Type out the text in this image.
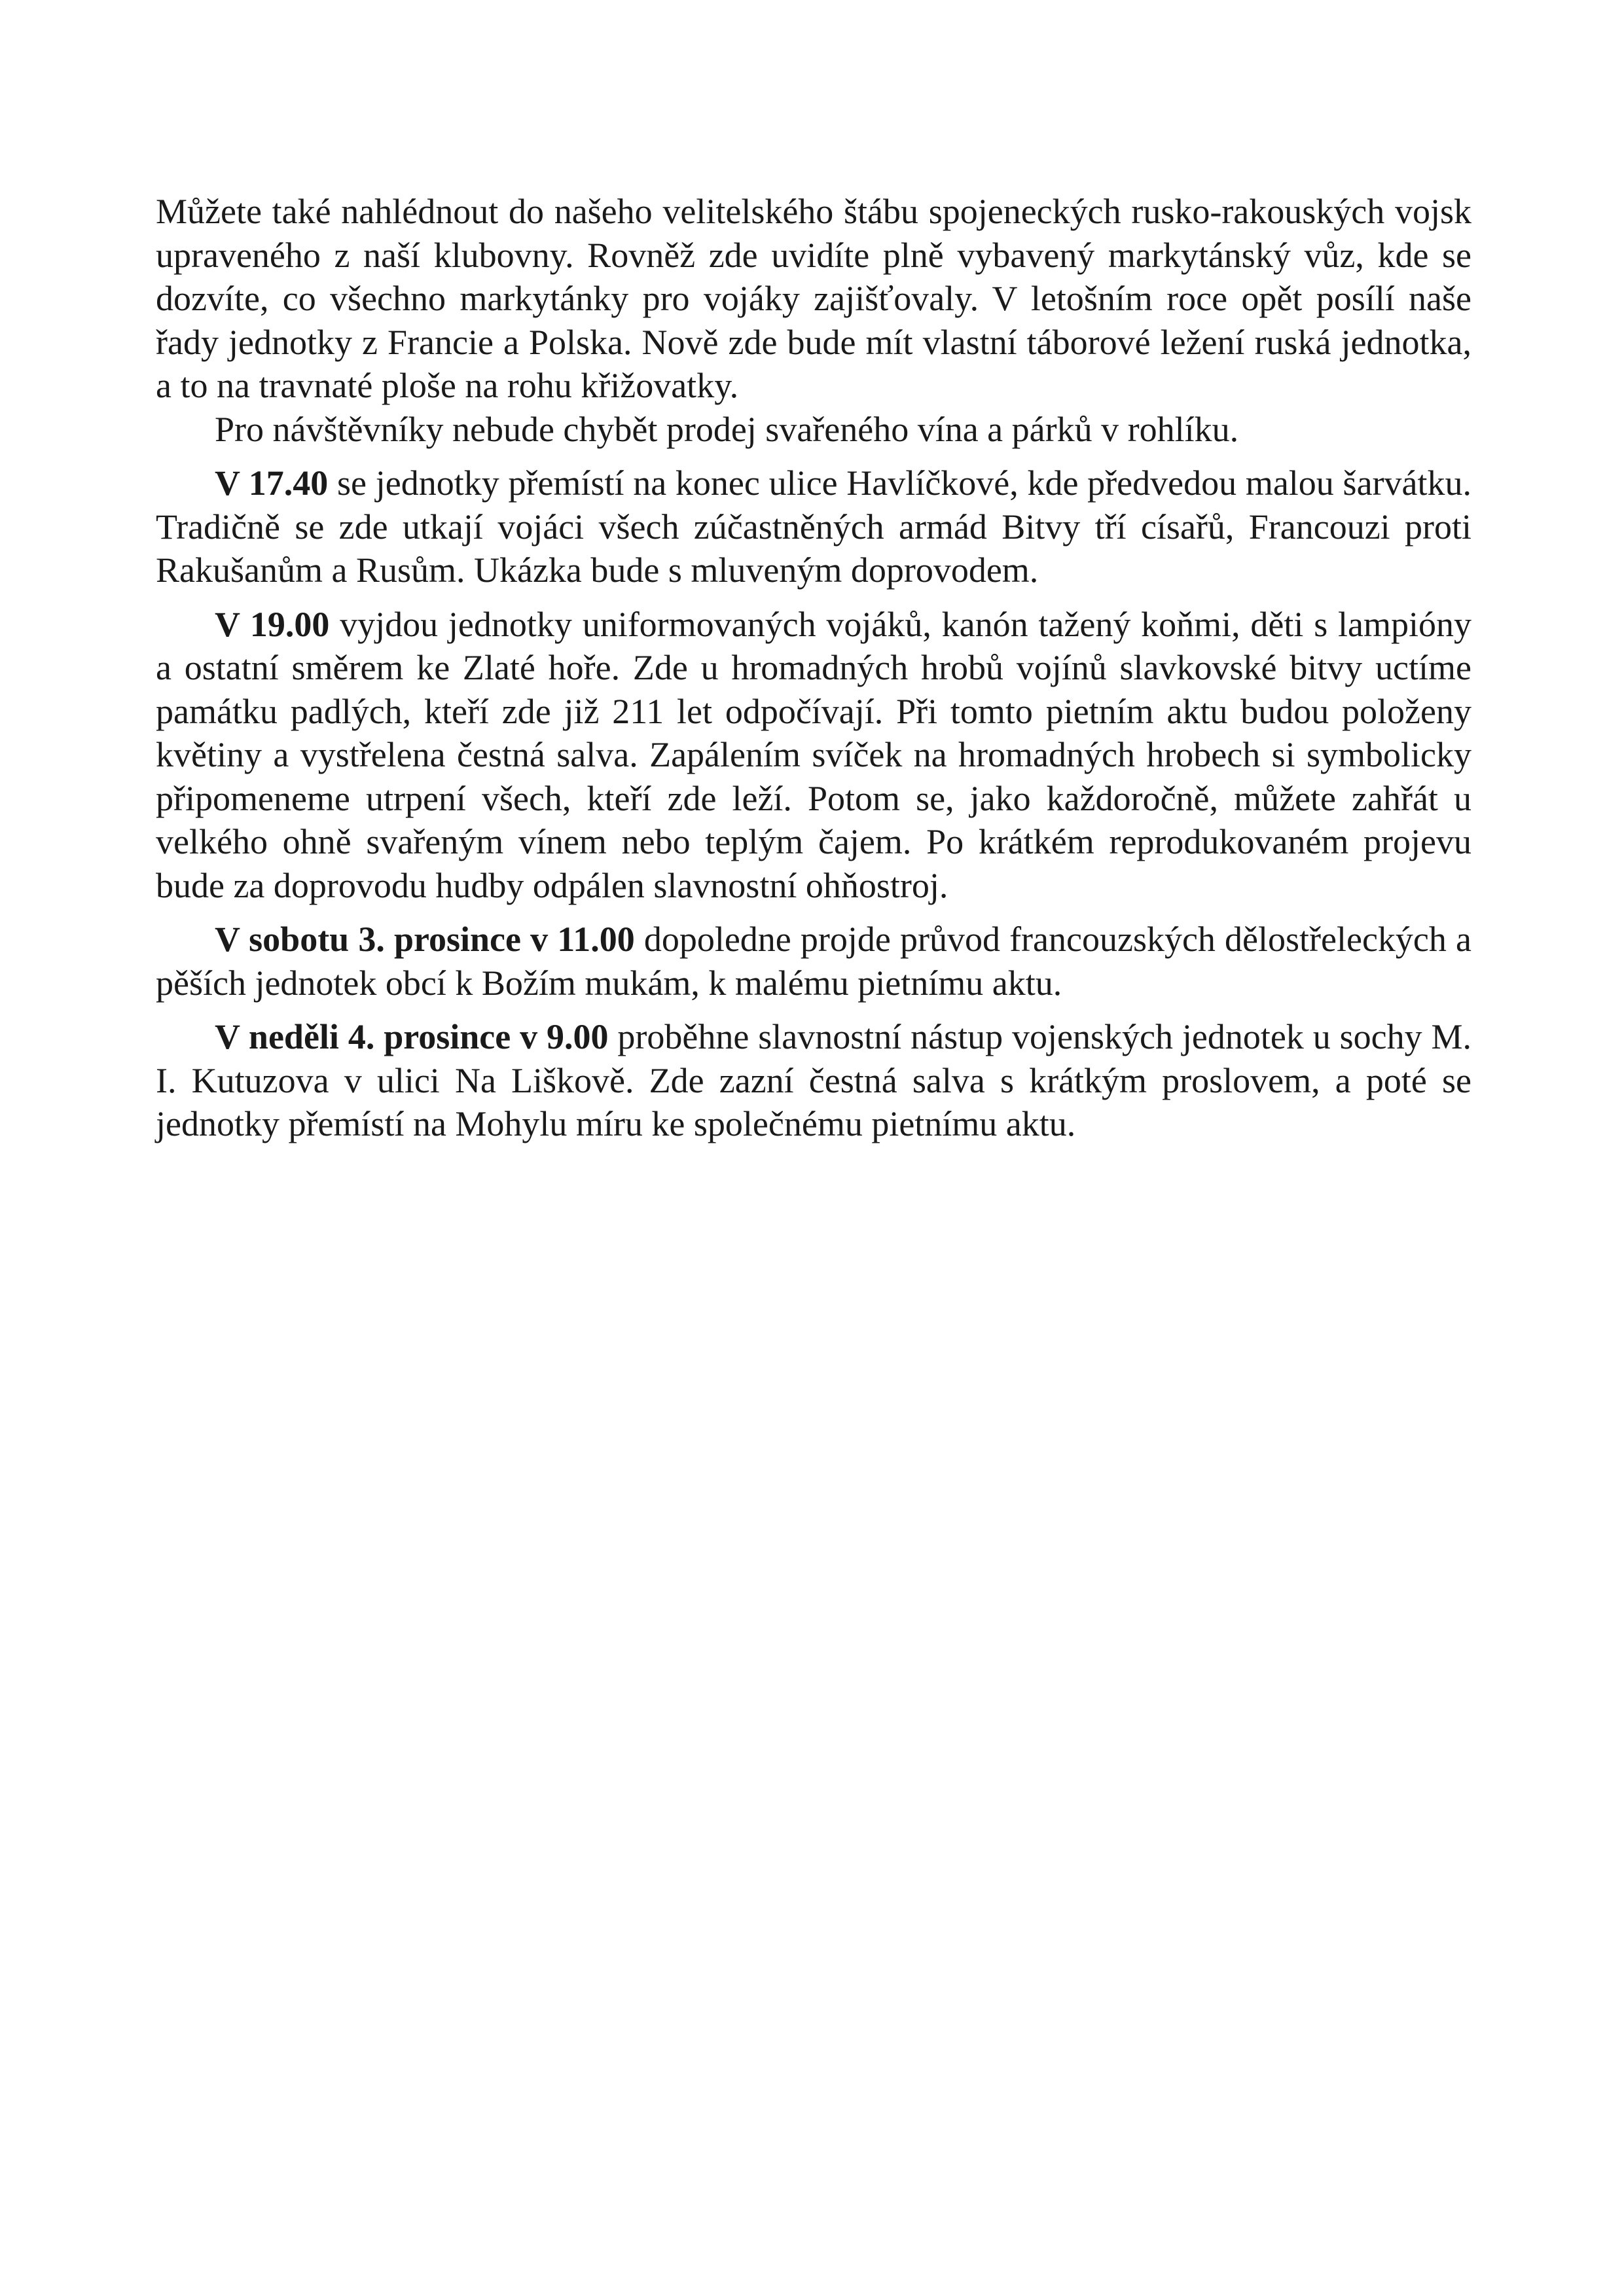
Můžete také nahlédnout do našeho velitelského štábu spojeneckých rusko-rakouských vojsk upraveného z naší klubovny. Rovněž zde uvidíte plně vybavený markytánský vůz, kde se dozvíte, co všechno markytánky pro vojáky zajišťovaly. V letošním roce opět posílí naše řady jednotky z Francie a Polska. Nově zde bude mít vlastní táborové ležení ruská jednotka, a to na travnaté ploše na rohu křižovatky.

Pro návštěvníky nebude chybět prodej svařeného vína a párků v rohlíku.

V 17.40 se jednotky přemístí na konec ulice Havlíčkové, kde předvedou malou šarvátku. Tradičně se zde utkají vojáci všech zúčastněných armád Bitvy tří císařů, Francouzi proti Rakušanům a Rusům. Ukázka bude s mluveným doprovodem.

V 19.00 vyjdou jednotky uniformovaných vojáků, kanón tažený koňmi, děti s lampióny a ostatní směrem ke Zlaté hoře. Zde u hromadných hrobů vojínů slavkovské bitvy uctíme památku padlých, kteří zde již 211 let odpočívají. Při tomto pietním aktu budou položeny květiny a vystřelena čestná salva. Zapálením svíček na hromadných hrobech si symbolicky připomeneme utrpení všech, kteří zde leží. Potom se, jako každoročně, můžete zahřát u velkého ohně svařeným vínem nebo teplým čajem. Po krátkém reprodukovaném projevu bude za doprovodu hudby odpálen slavnostní ohňostroj.

V sobotu 3. prosince v 11.00 dopoledne projde průvod francouzských dělostřeleckých a pěších jednotek obcí k Božím mukám, k malému pietnímu aktu.

V neděli 4. prosince v 9.00 proběhne slavnostní nástup vojenských jednotek u sochy M. I. Kutuzova v ulici Na Liškově. Zde zazní čestná salva s krátkým proslovem, a poté se jednotky přemístí na Mohylu míru ke společnému pietnímu aktu.
